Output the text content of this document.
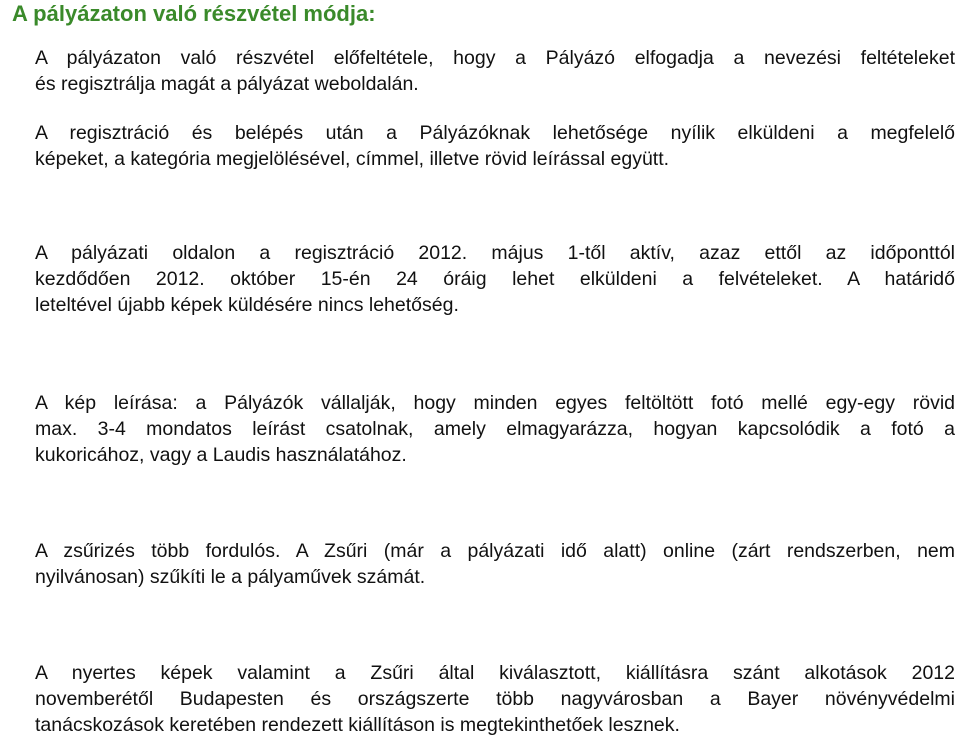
A pályázaton való részvétel módja:

A pályázaton való részvétel előfeltétele, hogy a Pályázó elfogadja a nevezési feltételeket
és regisztrálja magát a pályázat weboldalán.

A regisztráció és belépés után a Pályázóknak lehetősége nyílik elküldeni a megfelelő
képeket, a kategória megjelölésével, címmel, illetve rövid leírással együtt.

A pályázati oldalon a regisztráció 2012. május 1-től aktív, azaz ettől az időponttól
kezdődően 2012. október 15-én 24 óráig lehet elküldeni a felvételeket. A határidő
leteltével újabb képek küldésére nincs lehetőség.

A kép leírása: a Pályázók vállalják, hogy minden egyes feltöltött fotó mellé egy-egy rövid
max. 3-4 mondatos leírást csatolnak, amely elmagyarázza, hogyan kapcsolódik a fotó a
kukoricához, vagy a Laudis használatához.

A zsűrizés több fordulós. A Zsűri (már a pályázati idő alatt) online (zárt rendszerben, nem
nyilvánosan) szűkíti le a pályaművek számát.

A nyertes képek valamint a Zsűri által kiválasztott, kiállításra szánt alkotások 2012
novemberétől Budapesten és országszerte több nagyvárosban a Bayer növényvédelmi
tanácskozások keretében rendezett kiállításon is megtekinthetőek lesznek.
